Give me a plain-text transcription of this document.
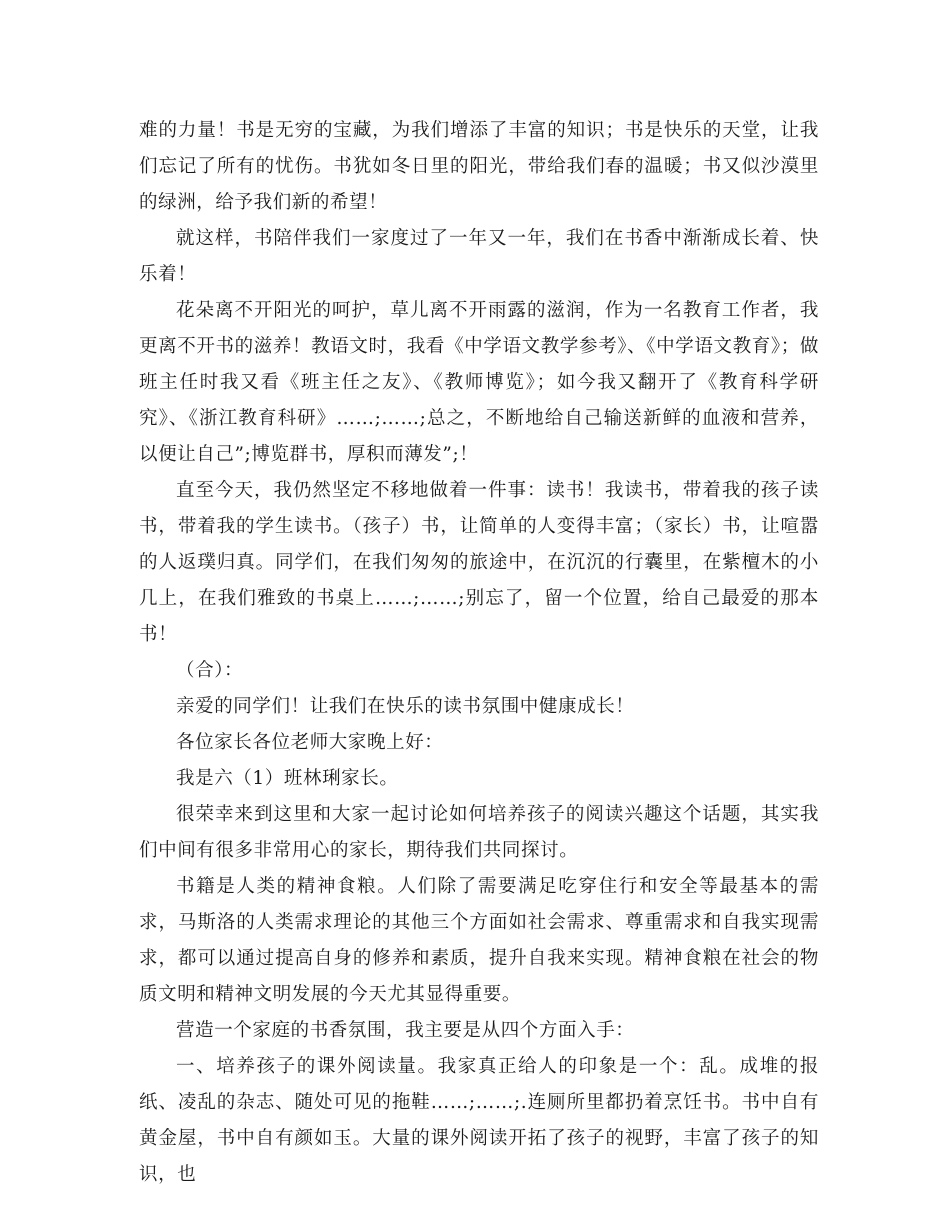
难的力量！书是无穷的宝藏，为我们增添了丰富的知识；书是快乐的天堂，让我们忘记了所有的忧伤。书犹如冬日里的阳光，带给我们春的温暖；书又似沙漠里的绿洲，给予我们新的希望！

就这样，书陪伴我们一家度过了一年又一年，我们在书香中渐渐成长着、快乐着！

花朵离不开阳光的呵护，草儿离不开雨露的滋润，作为一名教育工作者，我更离不开书的滋养！教语文时，我看《中学语文教学参考》、《中学语文教育》；做班主任时我又看《班主任之友》、《教师博览》；如今我又翻开了《教育科学研究》、《浙江教育科研》……;……;总之，不断地给自己输送新鲜的血液和营养，以便让自己”;博览群书，厚积而薄发”;！

直至今天，我仍然坚定不移地做着一件事：读书！我读书，带着我的孩子读书，带着我的学生读书。（孩子）书，让简单的人变得丰富；（家长）书，让喧嚣的人返璞归真。同学们，在我们匆匆的旅途中，在沉沉的行囊里，在紫檀木的小几上，在我们雅致的书桌上……;……;别忘了，留一个位置，给自己最爱的那本书！

（合）：

亲爱的同学们！让我们在快乐的读书氛围中健康成长！

各位家长各位老师大家晚上好：

我是六（1）班林琍家长。

很荣幸来到这里和大家一起讨论如何培养孩子的阅读兴趣这个话题，其实我们中间有很多非常用心的家长，期待我们共同探讨。

书籍是人类的精神食粮。人们除了需要满足吃穿住行和安全等最基本的需求，马斯洛的人类需求理论的其他三个方面如社会需求、尊重需求和自我实现需求，都可以通过提高自身的修养和素质，提升自我来实现。精神食粮在社会的物质文明和精神文明发展的今天尤其显得重要。

营造一个家庭的书香氛围，我主要是从四个方面入手：

一、培养孩子的课外阅读量。我家真正给人的印象是一个：乱。成堆的报纸、凌乱的杂志、随处可见的拖鞋……;……;.连厕所里都扔着烹饪书。书中自有黄金屋，书中自有颜如玉。大量的课外阅读开拓了孩子的视野，丰富了孩子的知识，也
